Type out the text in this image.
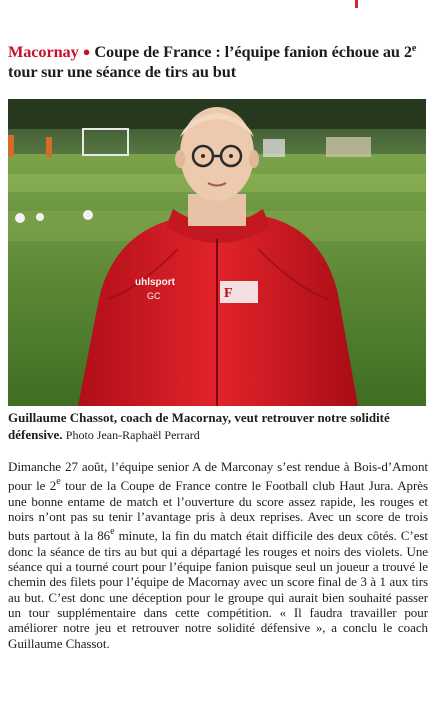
Macornay ● Coupe de France : l’équipe fanion échoue au 2e tour sur une séance de tirs au but
uhlsport
GC	F
Guillaume Chassot, coach de Macornay, veut retrouver notre solidité défensive. Photo Jean-Raphaël Perrard

Dimanche 27 août, l’équipe senior A de Marconay s’est rendue à Bois-d’Amont pour le 2e tour de la Coupe de France contre le Football club Haut Jura. Après une bonne entame de match et l’ouverture du score assez rapide, les rouges et noirs n’ont pas su tenir l’avantage pris à deux reprises. Avec un score de trois buts partout à la 86e minute, la fin du match était difficile des deux côtés. C’est donc la séance de tirs au but qui a départagé les rouges et noirs des violets. Une séance qui a tourné court pour l’équipe fanion puisque seul un joueur a trouvé le chemin des filets pour l’équipe de Macornay avec un score final de 3 à 1 aux tirs au but. C’est donc une déception pour le groupe qui aurait bien souhaité passer un tour supplémentaire dans cette compétition. « Il faudra travailler pour améliorer notre jeu et retrouver notre solidité défensive », a conclu le coach Guillaume Chassot.
